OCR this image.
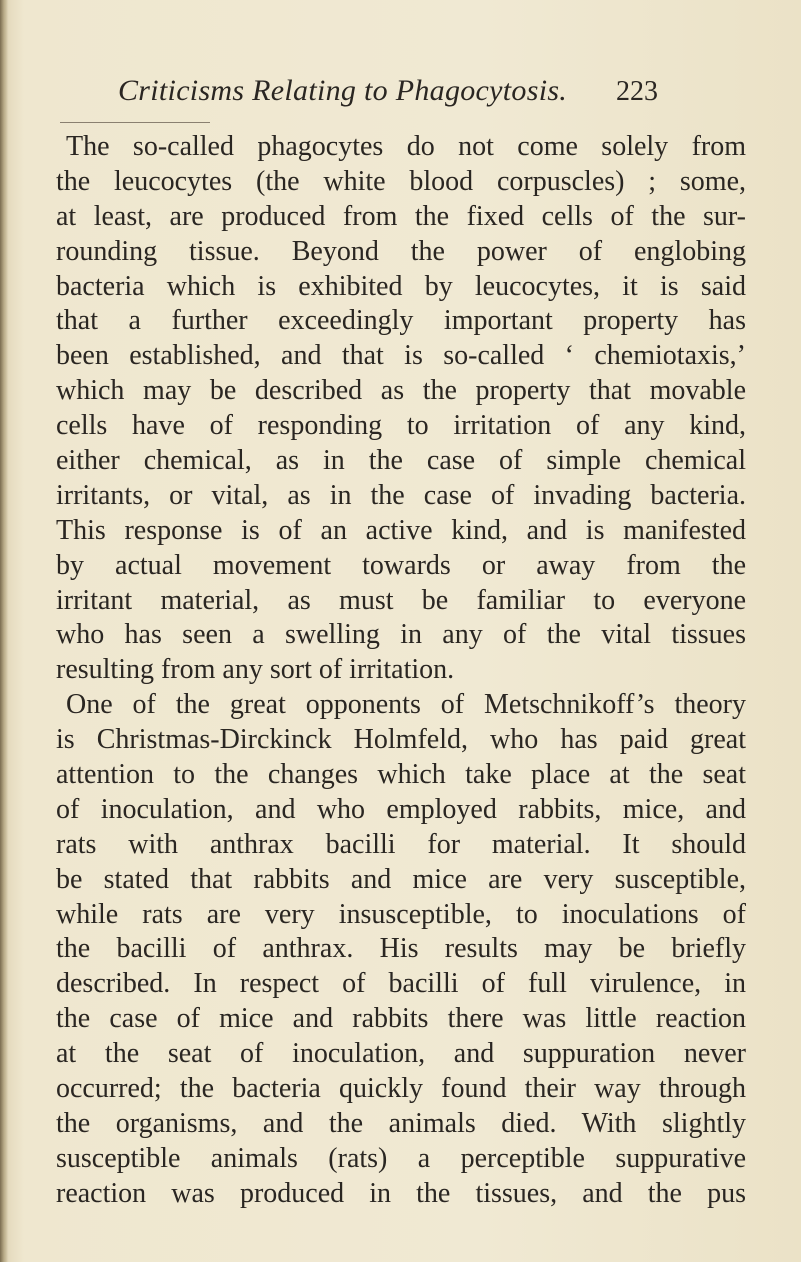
Criticisms Relating to Phagocytosis. 223
The so-called phagocytes do not come solely from
the leucocytes (the white blood corpuscles) ; some,
at least, are produced from the fixed cells of the sur-
rounding tissue. Beyond the power of englobing
bacteria which is exhibited by leucocytes, it is said
that a further exceedingly important property has
been established, and that is so-called ‘ chemiotaxis,’
which may be described as the property that movable
cells have of responding to irritation of any kind,
either chemical, as in the case of simple chemical
irritants, or vital, as in the case of invading bacteria.
This response is of an active kind, and is manifested
by actual movement towards or away from the
irritant material, as must be familiar to everyone
who has seen a swelling in any of the vital tissues
resulting from any sort of irritation.
One of the great opponents of Metschnikoff’s theory
is Christmas-Dirckinck Holmfeld, who has paid great
attention to the changes which take place at the seat
of inoculation, and who employed rabbits, mice, and
rats with anthrax bacilli for material. It should
be stated that rabbits and mice are very susceptible,
while rats are very insusceptible, to inoculations of
the bacilli of anthrax. His results may be briefly
described. In respect of bacilli of full virulence, in
the case of mice and rabbits there was little reaction
at the seat of inoculation, and suppuration never
occurred; the bacteria quickly found their way through
the organisms, and the animals died. With slightly
susceptible animals (rats) a perceptible suppurative
reaction was produced in the tissues, and the pus
